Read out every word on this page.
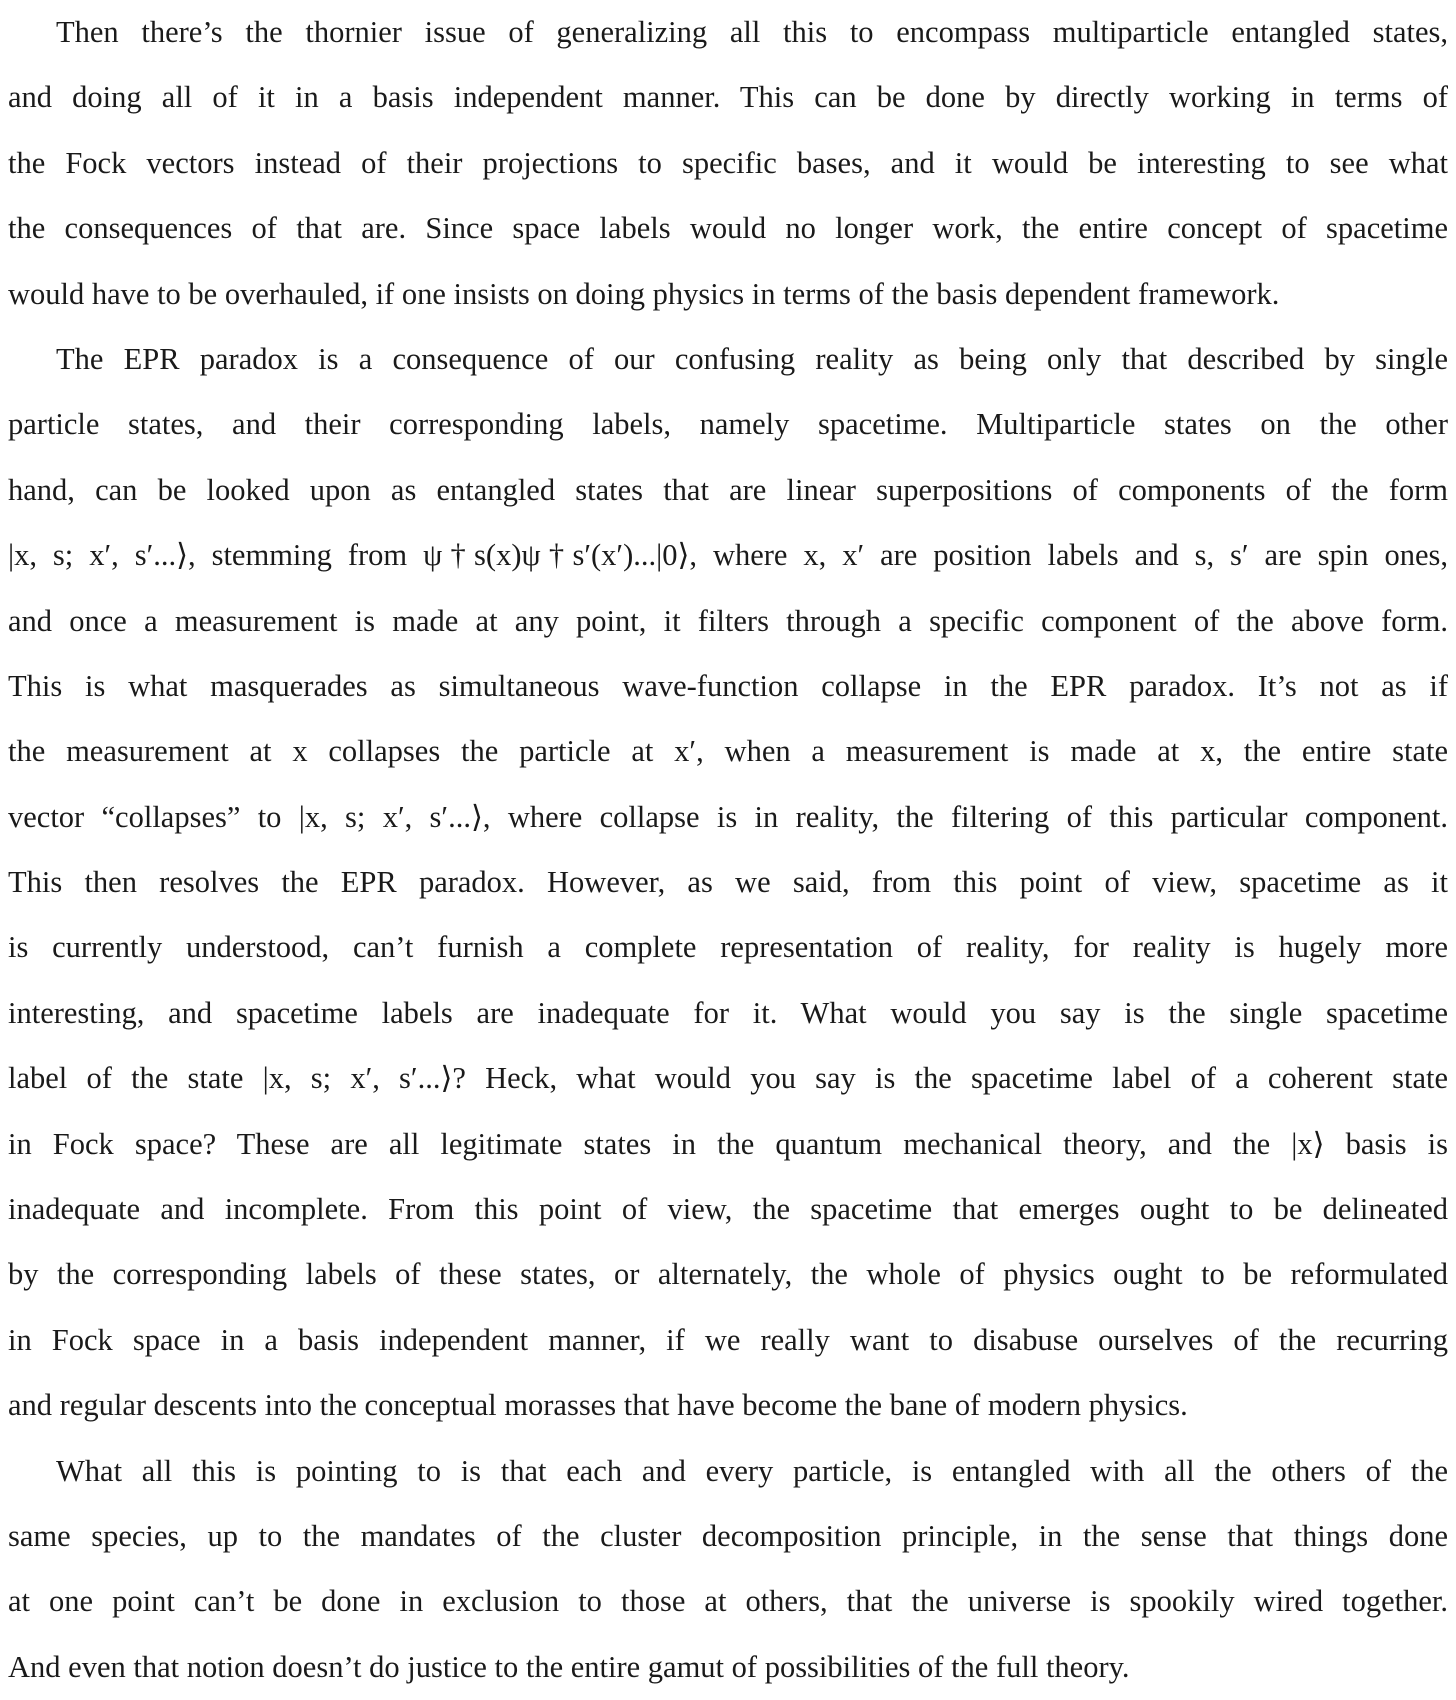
Then there’s the thornier issue of generalizing all this to encompass multiparticle entangled states,
and doing all of it in a basis independent manner. This can be done by directly working in terms of
the Fock vectors instead of their projections to specific bases, and it would be interesting to see what
the consequences of that are. Since space labels would no longer work, the entire concept of spacetime
would have to be overhauled, if one insists on doing physics in terms of the basis dependent framework.
The EPR paradox is a consequence of our confusing reality as being only that described by single
particle states, and their corresponding labels, namely spacetime. Multiparticle states on the other
hand, can be looked upon as entangled states that are linear superpositions of components of the form
|x, s; x′, s′...⟩, stemming from ψ†s(x)ψ†s′(x′)...|0⟩, where x, x′ are position labels and s, s′ are spin ones,
and once a measurement is made at any point, it filters through a specific component of the above form.
This is what masquerades as simultaneous wave-function collapse in the EPR paradox. It’s not as if
the measurement at x collapses the particle at x′, when a measurement is made at x, the entire state
vector “collapses” to |x, s; x′, s′...⟩, where collapse is in reality, the filtering of this particular component.
This then resolves the EPR paradox. However, as we said, from this point of view, spacetime as it
is currently understood, can’t furnish a complete representation of reality, for reality is hugely more
interesting, and spacetime labels are inadequate for it. What would you say is the single spacetime
label of the state |x, s; x′, s′...⟩? Heck, what would you say is the spacetime label of a coherent state
in Fock space? These are all legitimate states in the quantum mechanical theory, and the |x⟩ basis is
inadequate and incomplete. From this point of view, the spacetime that emerges ought to be delineated
by the corresponding labels of these states, or alternately, the whole of physics ought to be reformulated
in Fock space in a basis independent manner, if we really want to disabuse ourselves of the recurring
and regular descents into the conceptual morasses that have become the bane of modern physics.
What all this is pointing to is that each and every particle, is entangled with all the others of the
same species, up to the mandates of the cluster decomposition principle, in the sense that things done
at one point can’t be done in exclusion to those at others, that the universe is spookily wired together.
And even that notion doesn’t do justice to the entire gamut of possibilities of the full theory.
